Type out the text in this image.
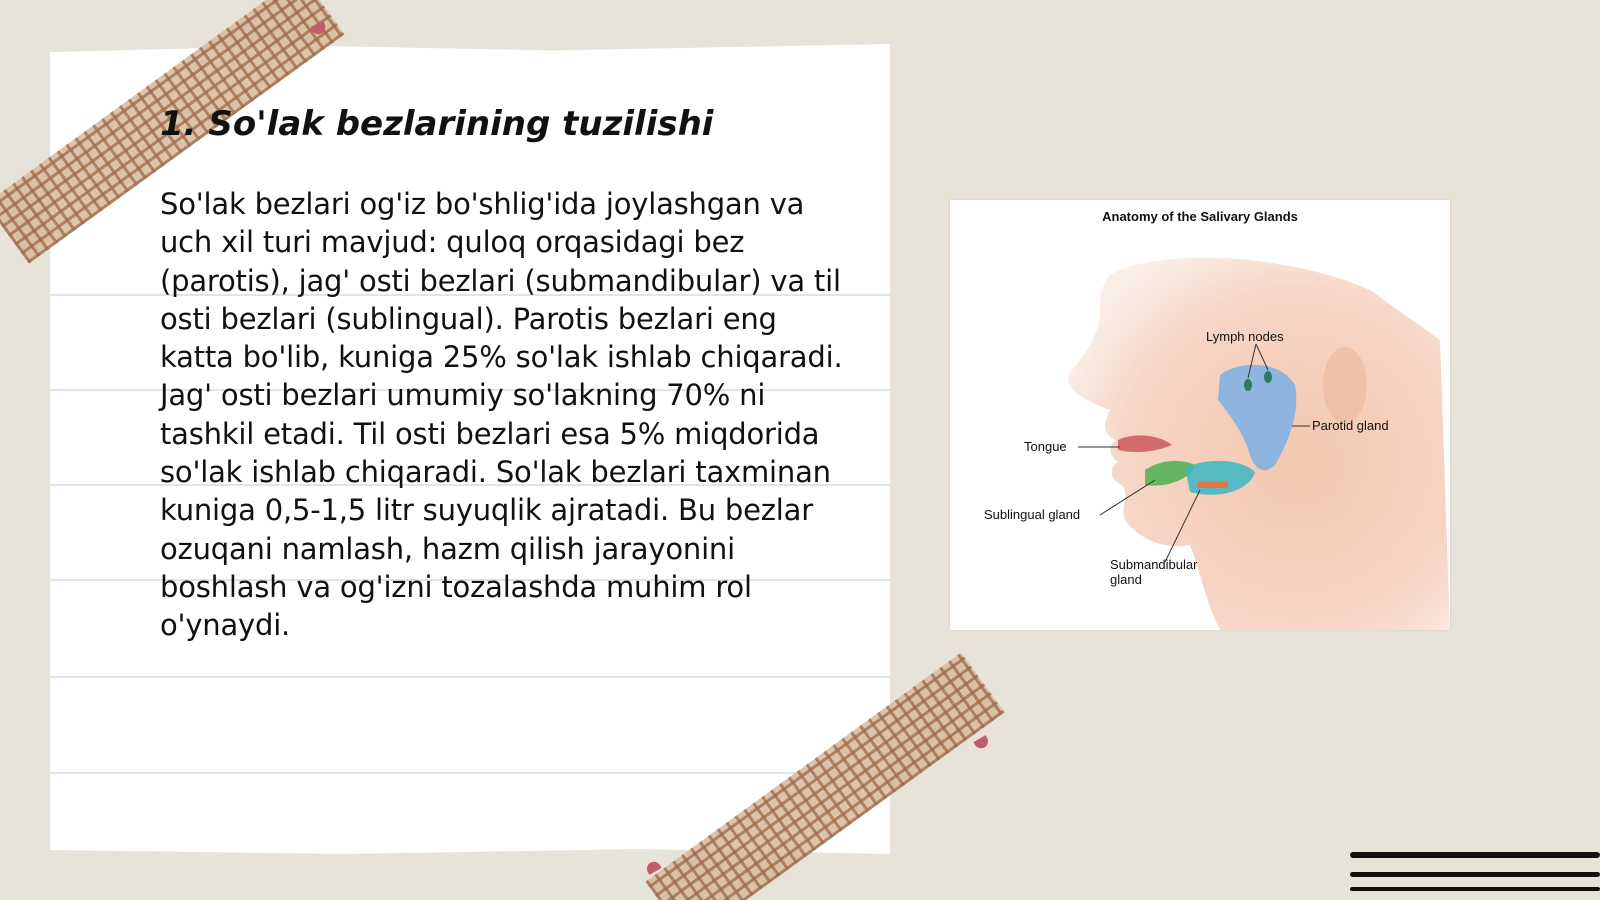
1. So'lak bezlarining tuzilishi

So'lak bezlari og'iz bo'shlig'ida joylashgan va uch xil turi mavjud: quloq orqasidagi bez (parotis), jag' osti bezlari (submandibular) va til osti bezlari (sublingual). Parotis bezlari eng katta bo'lib, kuniga 25% so'lak ishlab chiqaradi. Jag' osti bezlari umumiy so'lakning 70% ni tashkil etadi. Til osti bezlari esa 5% miqdorida so'lak ishlab chiqaradi. So'lak bezlari taxminan kuniga 0,5-1,5 litr suyuqlik ajratadi. Bu bezlar ozuqani namlash, hazm qilish jarayonini boshlash va og'izni tozalashda muhim rol o'ynaydi.

Anatomy of the Salivary Glands
Lymph nodes
Parotid gland
Tongue
Sublingual gland
Submandibular
gland
